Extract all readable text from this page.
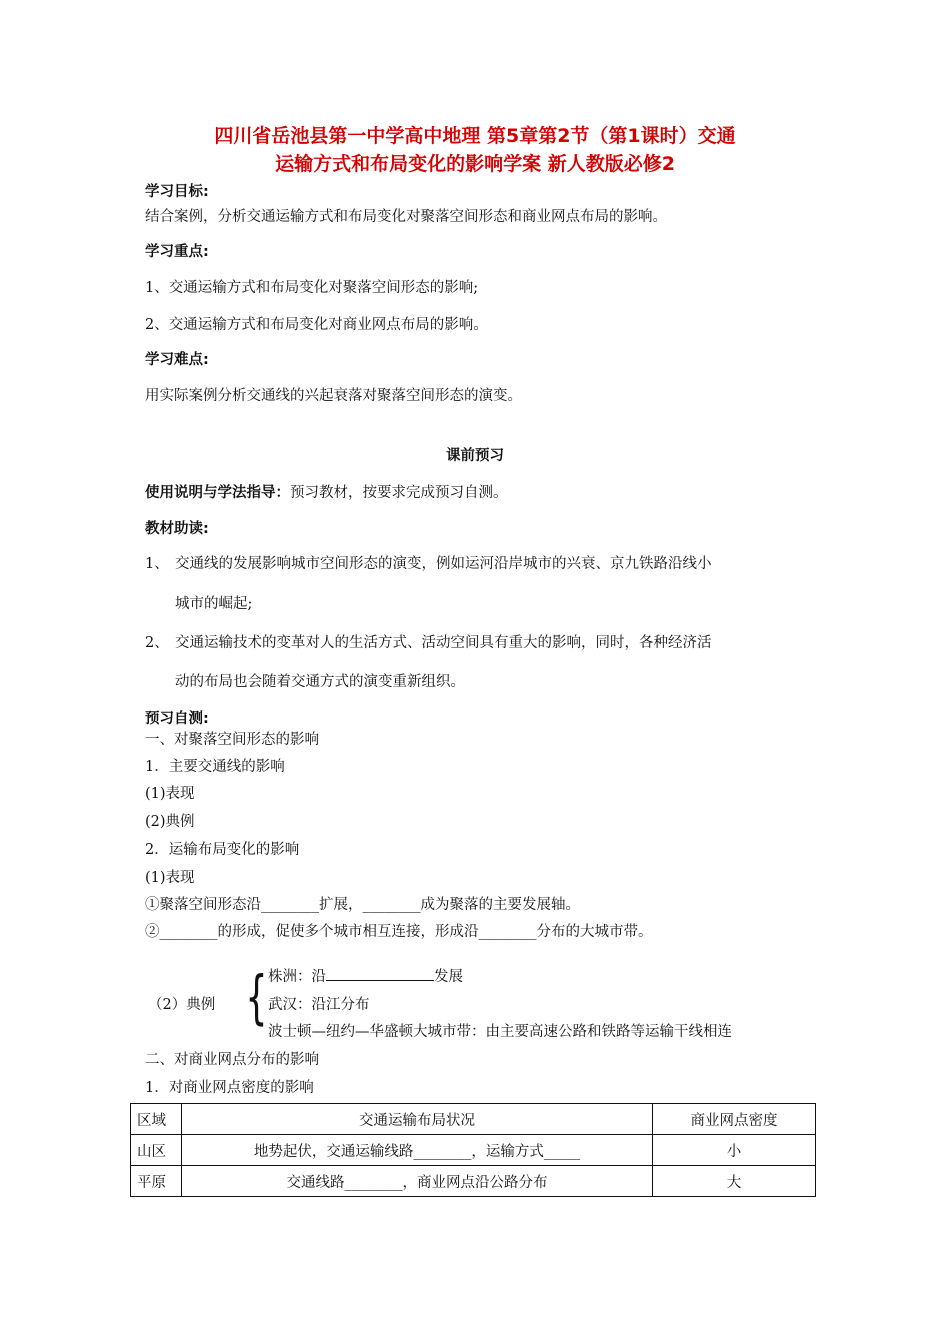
四川省岳池县第一中学高中地理 第5章第2节（第1课时）交通
运输方式和布局变化的影响学案 新人教版必修2
学习目标:
结合案例，分析交通运输方式和布局变化对聚落空间形态和商业网点布局的影响。
学习重点:
1、交通运输方式和布局变化对聚落空间形态的影响;
2、交通运输方式和布局变化对商业网点布局的影响。
学习难点:
用实际案例分析交通线的兴起衰落对聚落空间形态的演变。
课前预习
使用说明与学法指导：预习教材，按要求完成预习自测。
教材助读:
1、 交通线的发展影响城市空间形态的演变，例如运河沿岸城市的兴衰、京九铁路沿线小
城市的崛起;
2、 交通运输技术的变革对人的生活方式、活动空间具有重大的影响，同时，各种经济活
动的布局也会随着交通方式的演变重新组织。
预习自测:
一、对聚落空间形态的影响
1．主要交通线的影响
(1)表现
(2)典例
2．运输布局变化的影响
(1)表现
①聚落空间形态沿________扩展，________成为聚落的主要发展轴。
②________的形成，促使多个城市相互连接，形成沿________分布的大城市带。
（2）典例 { 株洲：沿	发展
武汉：沿江分布
波士顿—纽约—华盛顿大城市带：由主要高速公路和铁路等运输干线相连
二、对商业网点分布的影响
1．对商业网点密度的影响
区域	交通运输布局状况	商业网点密度
山区	地势起伏，交通运输线路________，运输方式_____	小
平原	交通线路________，商业网点沿公路分布	大
